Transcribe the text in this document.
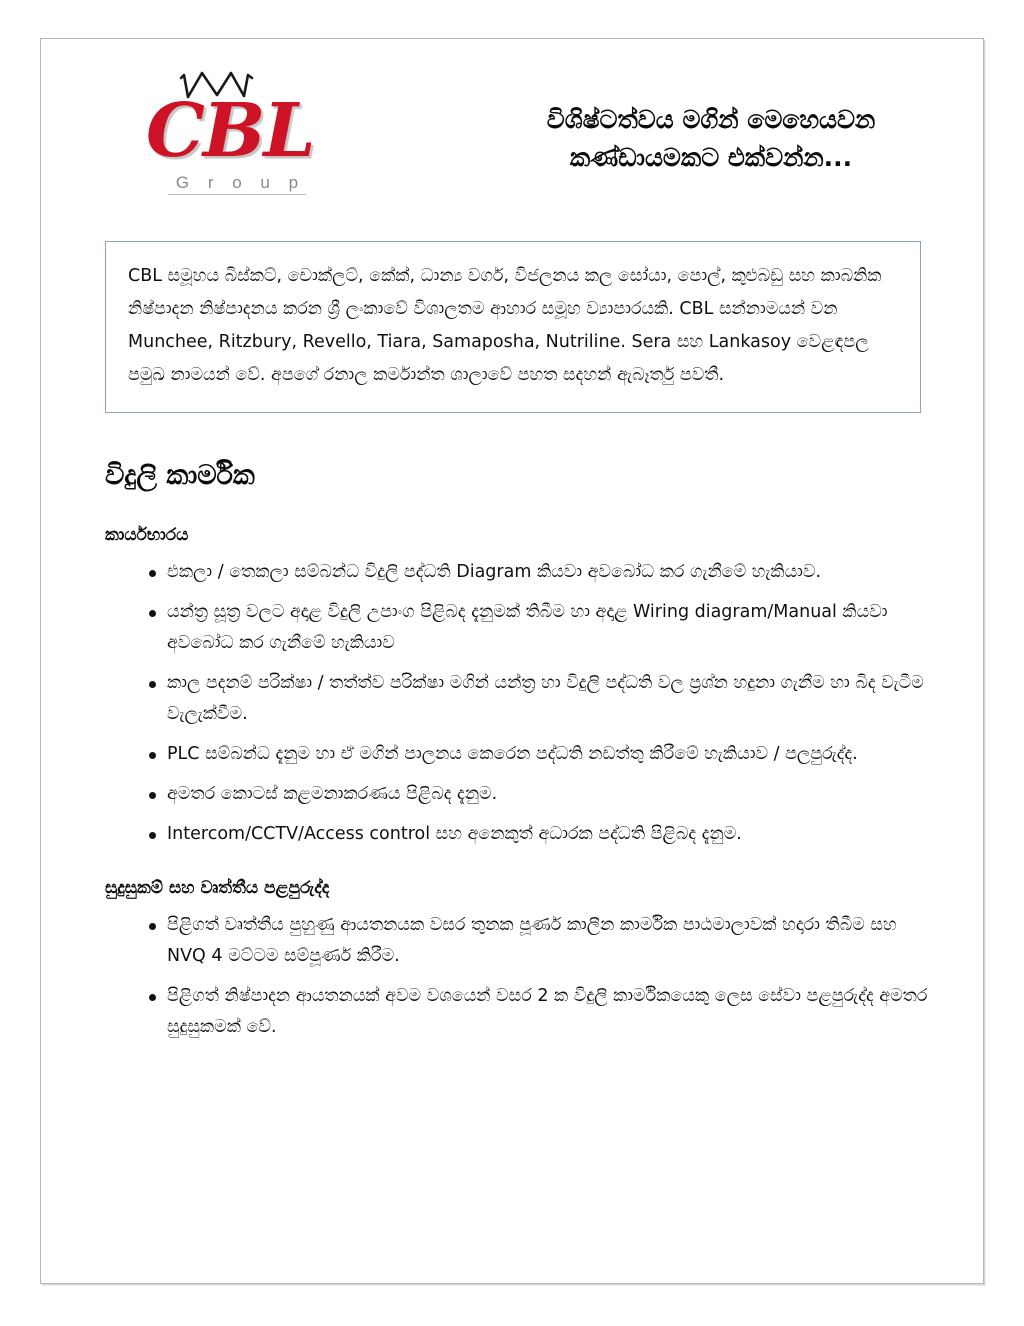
CBL
G r o u p
විශිෂ්ටත්වය මගින් මෙහෙයවන
කණ්ඩායමකට එක්වන්න...

CBL සමූහය බිස්කට්, චොක්ලට්, කේක්, ධාන්‍ය වර්ග, විජලනය කල සෝයා, පොල්, කුළුබඩු සහ කාබනික නිෂ්පාදන නිෂ්පාදනය කරන ශ්‍රී ලංකාවේ විශාලතම ආහාර සමූහ ව්‍යාපාරයකි. CBL සන්නාමයන් වන Munchee, Ritzbury, Revello, Tiara, Samaposha, Nutriline. Sera සහ Lankasoy වෙළඳපල පමුඛ නාමයන් වේ. අපගේ රනාල කර්මාන්ත ශාලාවේ පහත සදහන් ඇබෑර්තු පවතී.

විදුලි කාර්මික
කාර්යභාරය
එකලා / තෙකලා සම්බන්ධ විදුලි පද්ධති Diagram කියවා අවබෝධ කර ගැනීමේ හැකියාව.
යන්ත්‍ර සූත්‍ර වලට අදාළ විදුලි උපාංග පිළිබද දැනුමක් තිබීම හා අදාළ Wiring diagram/Manual කියවා අවබෝධ කර ගැනීමේ හැකියාව
කාල පදනම් පරික්ෂා / තත්ත්ව පරික්ෂා මගින් යන්ත්‍ර හා විදුලි පද්ධති වල ප්‍රශ්න හදුනා ගැනීම හා බිද වැටීම වැලැක්වීම.
PLC සම්බන්ධ දැනුම හා ඒ මගින් පාලනය කෙරෙන පද්ධති නඩත්තු කිරීමේ හැකියාව / පලපුරුද්ද.
අමතර කොටස් කළමනාකරණය පිළිබද දැනුම.
Intercom/CCTV/Access control සහ අනෙකුත් අධාරක පද්ධති පිළිබද දැනුම.
සුදුසුකම් සහ වෘත්තීය පළපුරුද්ද
පිළිගත් වෘත්තීය පුහුණු ආයතනයක වසර තුනක පූර්ණ කාලීන කාර්මික පාඨමාලාවක් හදාරා තිබීම සහ NVQ 4 මට්ටම සම්පූර්ණ කිරීම.
පිළිගත් නිෂ්පාදන ආයතනයක් අවම වශයෙන් වසර 2 ක විදුලි කාර්මිකයෙකු ලෙස සේවා පළපුරුද්ද අමතර සුදුසුකමක් වේ.
